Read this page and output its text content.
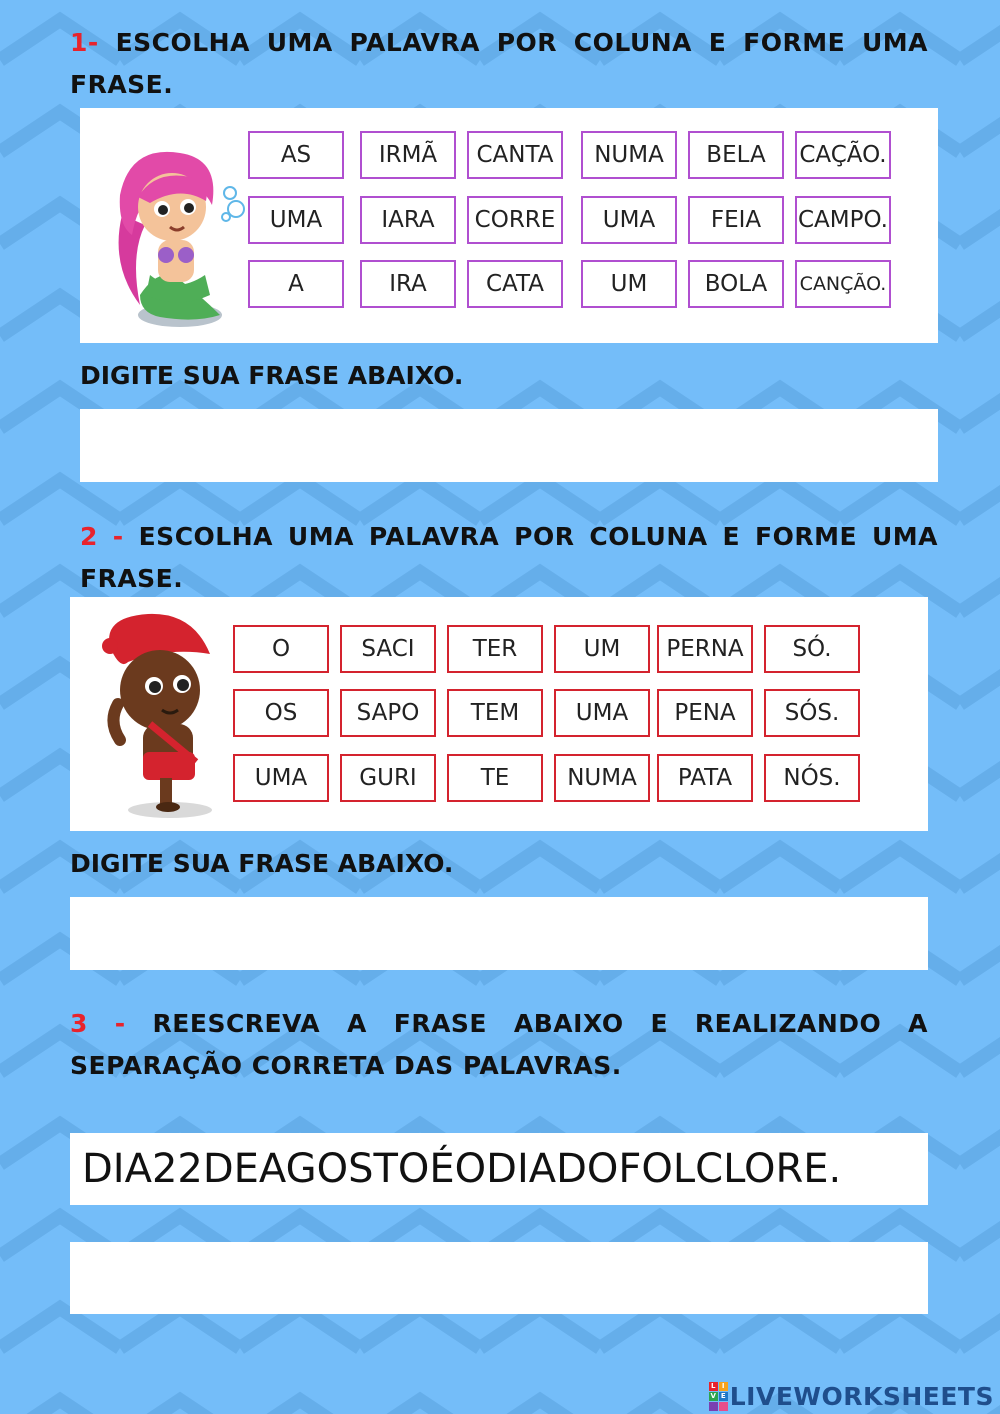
1- ESCOLHA UMA PALAVRA POR COLUNA E FORME UMA FRASE.

AS	IRMÃ	CANTA	NUMA	BELA	CAÇÃO.
UMA	IARA	CORRE	UMA	FEIA	CAMPO.
A	IRA	CATA	UM	BOLA	CANÇÃO.

DIGITE SUA FRASE ABAIXO.

2 - ESCOLHA UMA PALAVRA POR COLUNA E FORME UMA FRASE.

O	SACI	TER	UM	PERNA	SÓ.
OS	SAPO	TEM	UMA	PENA	SÓS.
UMA	GURI	TE	NUMA	PATA	NÓS.

DIGITE SUA FRASE ABAIXO.

3 - REESCREVA A FRASE ABAIXO E REALIZANDO A SEPARAÇÃO CORRETA DAS PALAVRAS.

DIA22DEAGOSTOÉODIADOFOLCLORE.
L I
V E LIVEWORKSHEETS
